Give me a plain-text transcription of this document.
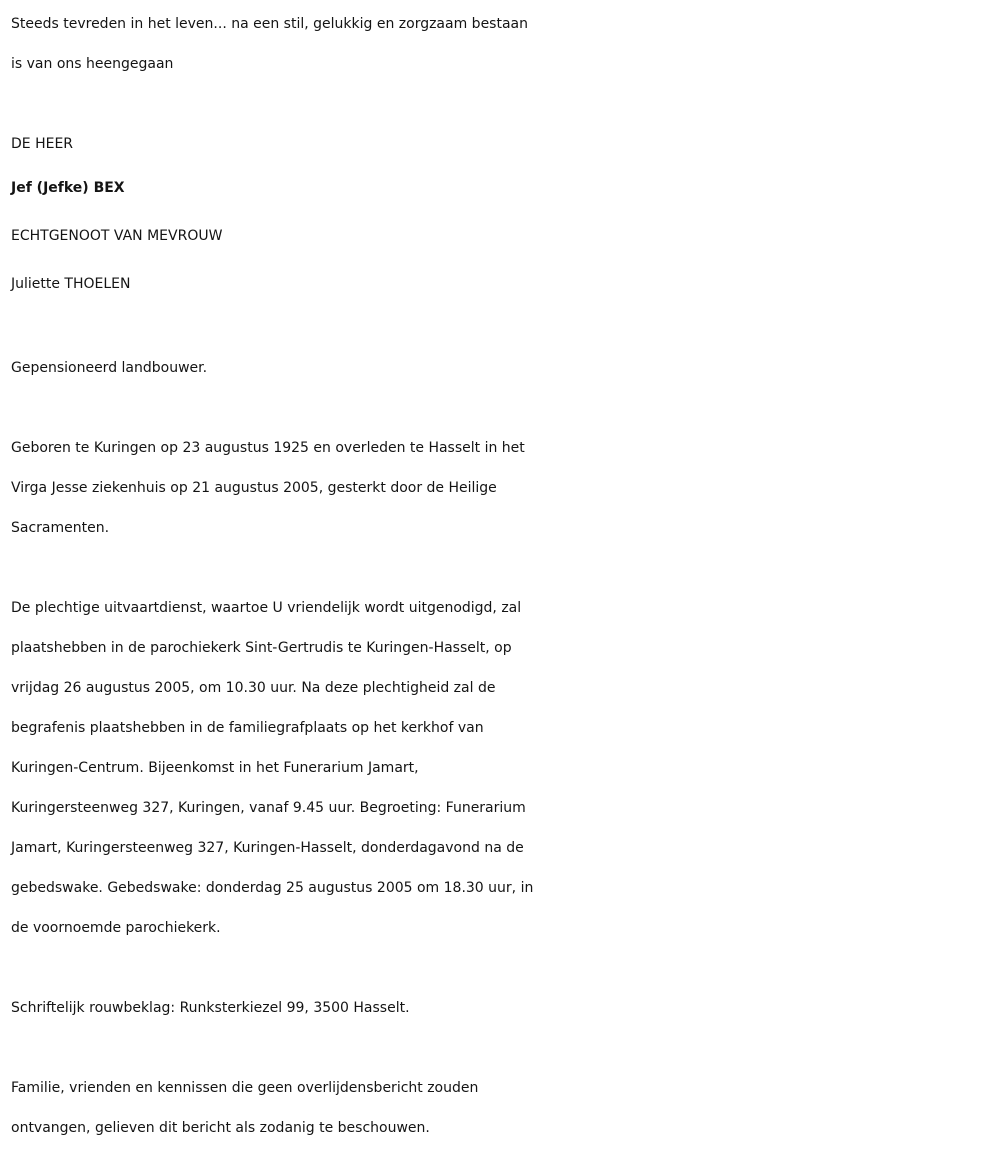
Steeds tevreden in het leven... na een stil, gelukkig en zorgzaam bestaan
is van ons heengegaan
DE HEER
Jef (Jefke) BEX
ECHTGENOOT VAN MEVROUW
Juliette THOELEN
Gepensioneerd landbouwer.
Geboren te Kuringen op 23 augustus 1925 en overleden te Hasselt in het
Virga Jesse ziekenhuis op 21 augustus 2005, gesterkt door de Heilige
Sacramenten.
De plechtige uitvaartdienst, waartoe U vriendelijk wordt uitgenodigd, zal
plaatshebben in de parochiekerk Sint-Gertrudis te Kuringen-Hasselt, op
vrijdag 26 augustus 2005, om 10.30 uur. Na deze plechtigheid zal de
begrafenis plaatshebben in de familiegrafplaats op het kerkhof van
Kuringen-Centrum. Bijeenkomst in het Funerarium Jamart,
Kuringersteenweg 327, Kuringen, vanaf 9.45 uur. Begroeting: Funerarium
Jamart, Kuringersteenweg 327, Kuringen-Hasselt, donderdagavond na de
gebedswake. Gebedswake: donderdag 25 augustus 2005 om 18.30 uur, in
de voornoemde parochiekerk.
Schriftelijk rouwbeklag: Runksterkiezel 99, 3500 Hasselt.
Familie, vrienden en kennissen die geen overlijdensbericht zouden
ontvangen, gelieven dit bericht als zodanig te beschouwen.
